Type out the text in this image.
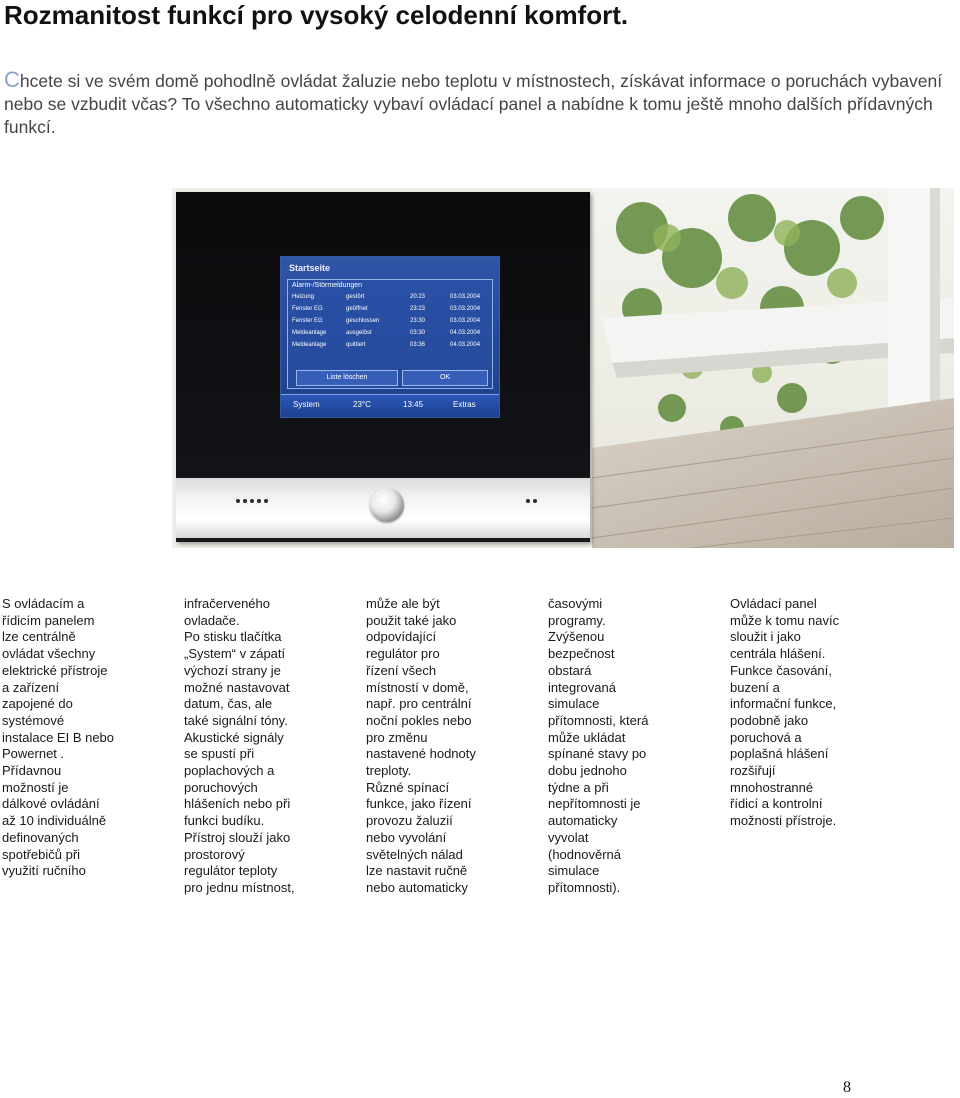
Rozmanitost funkcí pro vysoký celodenní komfort.

Chcete si ve svém domě pohodlně ovládat žaluzie nebo teplotu v místnostech, získávat informace o poruchách vybavení nebo se vzbudit včas? To všechno automaticky vybaví ovládací panel a nabídne k tomu ještě mnoho dalších přídavných funkcí.

Startseite
Alarm-/Störmeldungen
Heizung	gestört	20:23	03.03.2004
Fenster EG	geöffnet	23:23	03.03.2004
Fenster EG	geschlossen	23:30	03.03.2004
Meldeanlage	ausgelöst	03:30	04.03.2004
Meldeanlage	quittiert	03:36	04.03.2004
Liste löschen	OK
System	23°C	13:45	Extras
S ovládacím a
řídicím panelem
lze centrálně
ovládat všechny
elektrické přístroje
a zařízení
zapojené do
systémové
instalace EI B nebo
Powernet .
Přídavnou
možností je
dálkové ovládání
až 10 individuálně
definovaných
spotřebičů při
využití ručního
infračerveného
ovladače.
Po stisku tlačítka
„System“ v zápatí
výchozí strany je
možné nastavovat
datum, čas, ale
také signální tóny.
Akustické signály
se spustí při
poplachových a
poruchových
hlášeních nebo při
funkci budíku.
Přístroj slouží jako
prostorový
regulátor teploty
pro jednu místnost,
může ale být
použit také jako
odpovídající
regulátor pro
řízení všech
místností v domě,
např. pro centrální
noční pokles nebo
pro změnu
nastavené hodnoty
treploty.
Různé spínací
funkce, jako řízení
provozu žaluzií
nebo vyvolání
světelných nálad
lze nastavit ručně
nebo automaticky
časovými
programy.
Zvýšenou
bezpečnost
obstará
integrovaná
simulace
přítomnosti, která
může ukládat
spínané stavy po
dobu jednoho
týdne a při
nepřítomnosti je
automaticky
vyvolat
(hodnověrná
simulace
přítomnosti).
Ovládací panel
může k tomu navíc
sloužit i jako
centrála hlášení.
Funkce časování,
buzení a
informační funkce,
podobně jako
poruchová a
poplašná hlášení
rozšiřují
mnohostranné
řídicí a kontrolní
možnosti přístroje.
8
